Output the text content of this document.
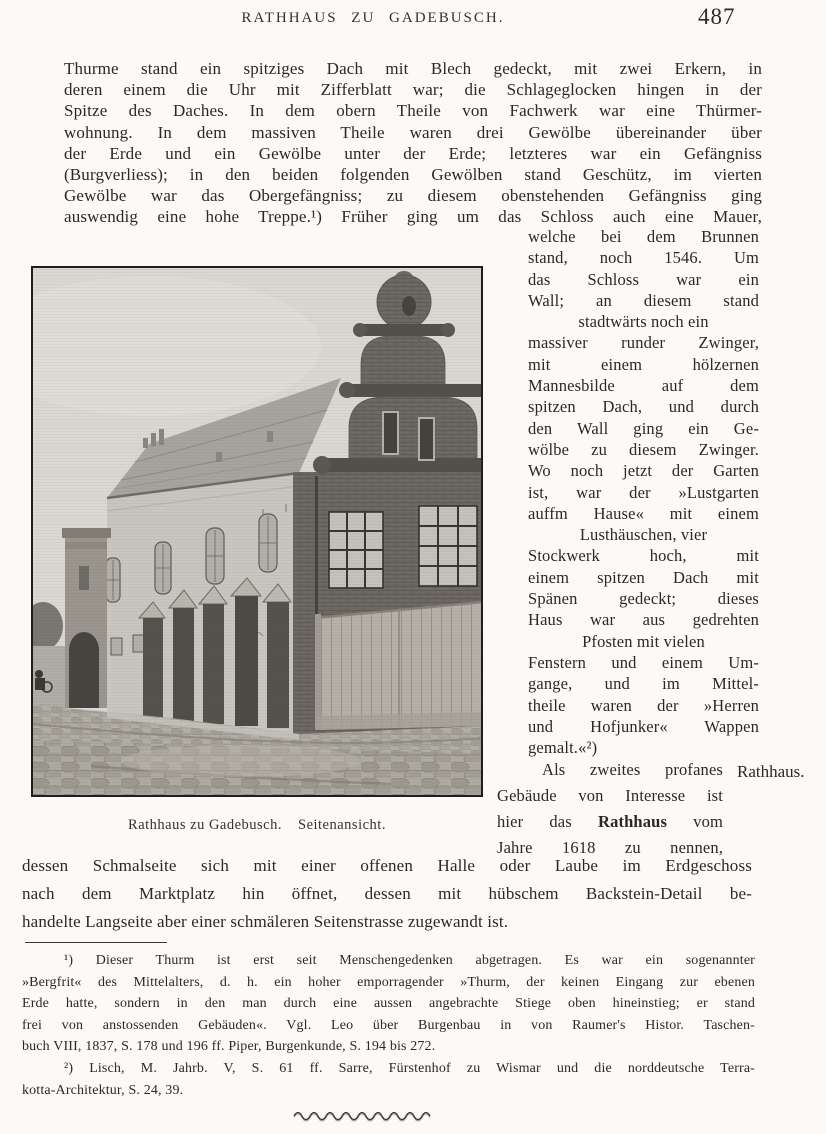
RATHHAUS ZU GADEBUSCH.	487
Thurme stand ein spitziges Dach mit Blech gedeckt, mit zwei Erkern, in
deren einem die Uhr mit Zifferblatt war; die Schlageglocken hingen in der
Spitze des Daches. In dem obern Theile von Fachwerk war eine Thürmer-
wohnung. In dem massiven Theile waren drei Gewölbe übereinander über
der Erde und ein Gewölbe unter der Erde; letzteres war ein Gefängniss
(Burgverliess); in den beiden folgenden Gewölben stand Geschütz, im vierten
Gewölbe war das Obergefängniss; zu diesem obenstehenden Gefängniss ging
auswendig eine hohe Treppe.¹) Früher ging um das Schloss auch eine Mauer,
Rathhaus zu Gadebusch. Seitenansicht.
welche bei dem Brunnen
stand, noch 1546. Um
das Schloss war ein
Wall; an diesem stand
stadtwärts noch ein
massiver runder Zwinger,
mit einem hölzernen
Mannesbilde auf dem
spitzen Dach, und durch
den Wall ging ein Ge-
wölbe zu diesem Zwinger.
Wo noch jetzt der Garten
ist, war der »Lustgarten
auffm Hause« mit einem
Lusthäuschen, vier
Stockwerk hoch, mit
einem spitzen Dach mit
Spänen gedeckt; dieses
Haus war aus gedrehten
Pfosten mit vielen
Fenstern und einem Um-
gange, und im Mittel-
theile waren der »Herren
und Hofjunker« Wappen
gemalt.«²)
Als zweites profanes
Gebäude von Interesse ist
hier das Rathhaus vom
Jahre 1618 zu nennen,
Rathhaus.
dessen Schmalseite sich mit einer offenen Halle oder Laube im Erdgeschoss
nach dem Marktplatz hin öffnet, dessen mit hübschem Backstein-Detail be-
handelte Langseite aber einer schmäleren Seitenstrasse zugewandt ist.
¹) Dieser Thurm ist erst seit Menschengedenken abgetragen. Es war ein sogenannter
»Bergfrit« des Mittelalters, d. h. ein hoher emporragender »Thurm, der keinen Eingang zur ebenen
Erde hatte, sondern in den man durch eine aussen angebrachte Stiege oben hineinstieg; er stand
frei von anstossenden Gebäuden«. Vgl. Leo über Burgenbau in von Raumer's Histor. Taschen-
buch VIII, 1837, S. 178 und 196 ff. Piper, Burgenkunde, S. 194 bis 272.
²) Lisch, M. Jahrb. V, S. 61 ff. Sarre, Fürstenhof zu Wismar und die norddeutsche Terra-
kotta-Architektur, S. 24, 39.
